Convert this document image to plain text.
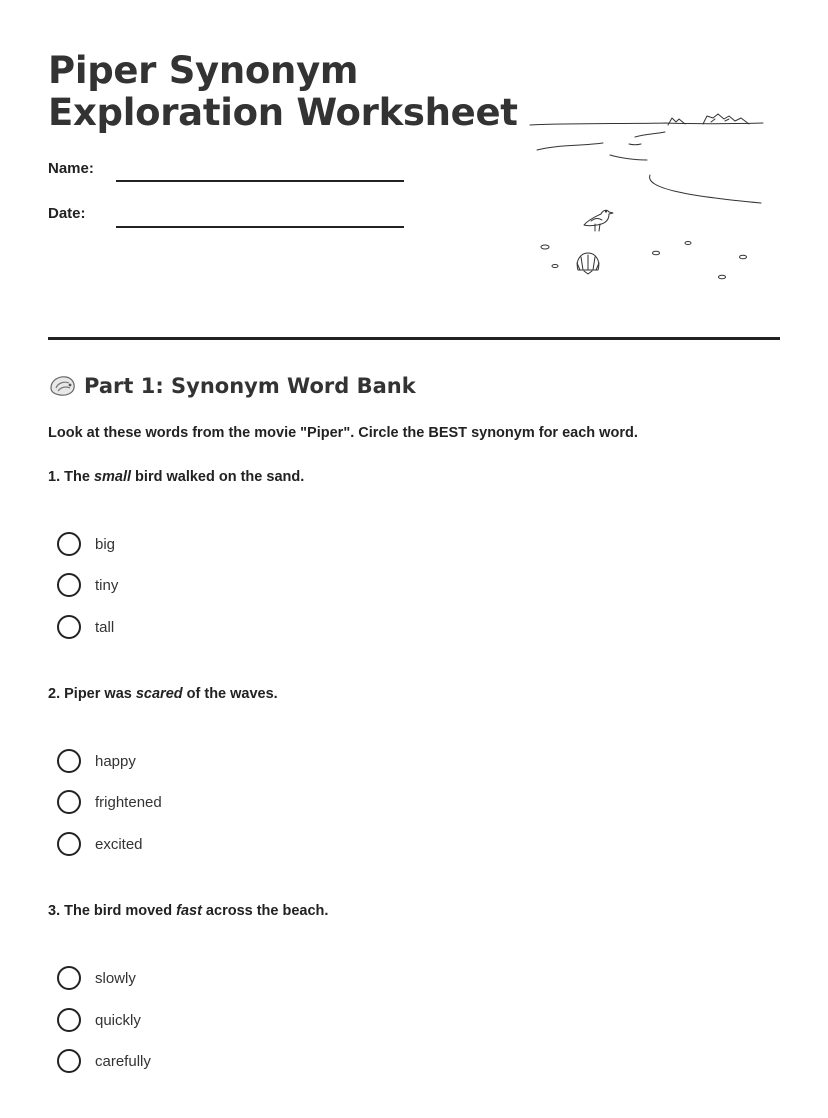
Piper Synonym
Exploration Worksheet
Name:
Date:
Part 1: Synonym Word Bank
Look at these words from the movie "Piper". Circle the BEST synonym for each word.
1. The small bird walked on the sand.
big
tiny
tall
2. Piper was scared of the waves.
happy
frightened
excited
3. The bird moved fast across the beach.
slowly
quickly
carefully
